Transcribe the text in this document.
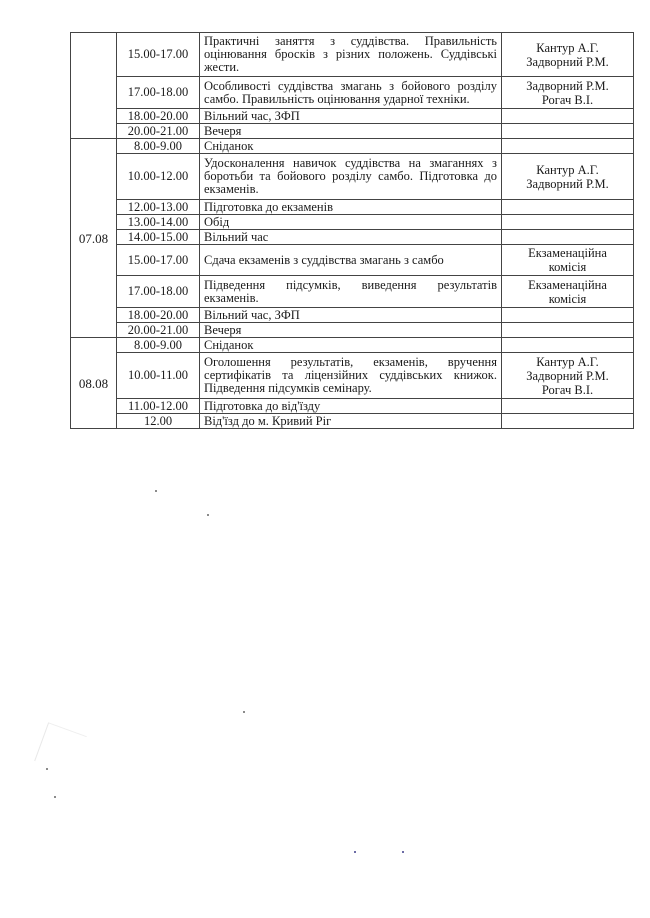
	15.00-17.00	Практичні заняття з суддівства. Правильність оцінювання бросків з різних положень. Суддівські жести.	Кантур А.Г.
Задворний Р.М.

	17.00-18.00	Особливості суддівства змагань з бойового розділу самбо. Правильність оцінювання ударної техніки.	Задворний Р.М.
Рогач В.І.

	18.00-20.00	Вільний час, ЗФП	
	20.00-21.00	Вечеря	
07.08	8.00-9.00	Сніданок	
	10.00-12.00	Удосконалення навичок суддівства на змаганнях з боротьби та бойового розділу самбо. Підготовка до екзаменів.	Кантур А.Г.
Задворний Р.М.

	12.00-13.00	Підготовка до екзаменів	
	13.00-14.00	Обід	
	14.00-15.00	Вільний час	
	15.00-17.00	Сдача екзаменів з суддівства змагань з самбо	Екзаменаційна
комісія

	17.00-18.00	Підведення підсумків, виведення результатів екзаменів.	Екзаменаційна
комісія

	18.00-20.00	Вільний час, ЗФП	
	20.00-21.00	Вечеря	
08.08	8.00-9.00	Сніданок	
	10.00-11.00	Оголошення результатів, екзаменів, вручення сертифікатів та ліцензійних суддівських книжок. Підведення підсумків семінару.	Кантур А.Г.
Задворний Р.М.
Рогач В.І.

	11.00-12.00	Підготовка до від'їзду	
	12.00	Від'їзд до м. Кривий Ріг	
